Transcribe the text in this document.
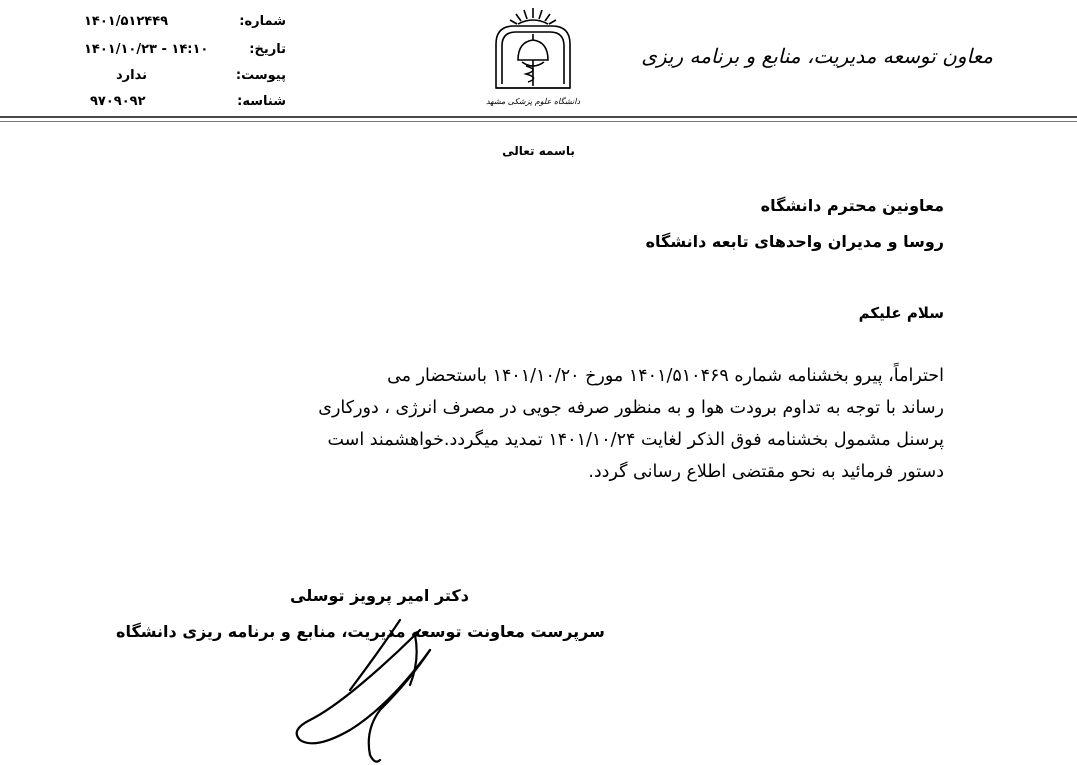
شماره:
۱۴۰۱/۵۱۲۴۴۹
تاریخ:
۱۴۰۱/۱۰/۲۳ - ۱۴:۱۰
پیوست:
ندارد
شناسه:
۹۷۰۹۰۹۲	دانشگاه علوم پزشکی مشهد
معاون توسعه مدیریت، منابع و برنامه ریزی
باسمه تعالی
معاونین محترم دانشگاه
روسا و مدیران واحدهای تابعه دانشگاه
سلام علیکم

احتراماً، پیرو بخشنامه شماره ۱۴۰۱/۵۱۰۴۶۹ مورخ ۱۴۰۱/۱۰/۲۰ باستحضار می
رساند با توجه به تداوم برودت هوا و به منظور صرفه جویی در مصرف انرژی ، دورکاری
پرسنل مشمول بخشنامه فوق الذکر لغایت ۱۴۰۱/۱۰/۲۴ تمدید میگردد.خواهشمند است
دستور فرمائید به نحو مقتضی اطلاع رسانی گردد.

دکتر امیر پرویز توسلی
سرپرست معاونت توسعه مدیریت، منابع و برنامه ریزی دانشگاه
